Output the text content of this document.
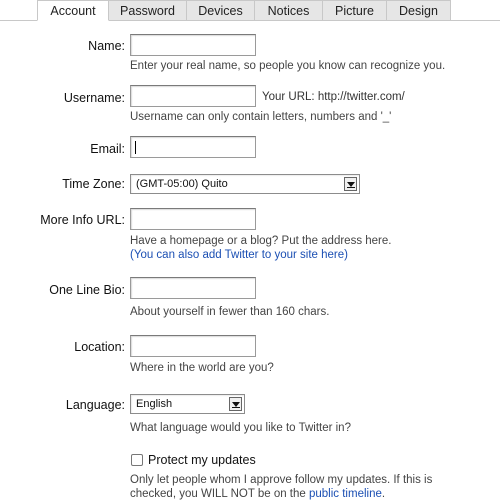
Account	Password	Devices	Notices	Picture	Design
Name:
Enter your real name, so people you know can recognize you.
Username:	Your URL: http://twitter.com/
Username can only contain letters, numbers and '_'
Email:
Time Zone:	(GMT-05:00) Quito
More Info URL:
Have a homepage or a blog? Put the address here.
(You can also add Twitter to your site here)
One Line Bio:
About yourself in fewer than 160 chars.
Location:
Where in the world are you?
Language:	English
What language would you like to Twitter in?
Protect my updates
Only let people whom I approve follow my updates. If this is
checked, you WILL NOT be on the public timeline.
